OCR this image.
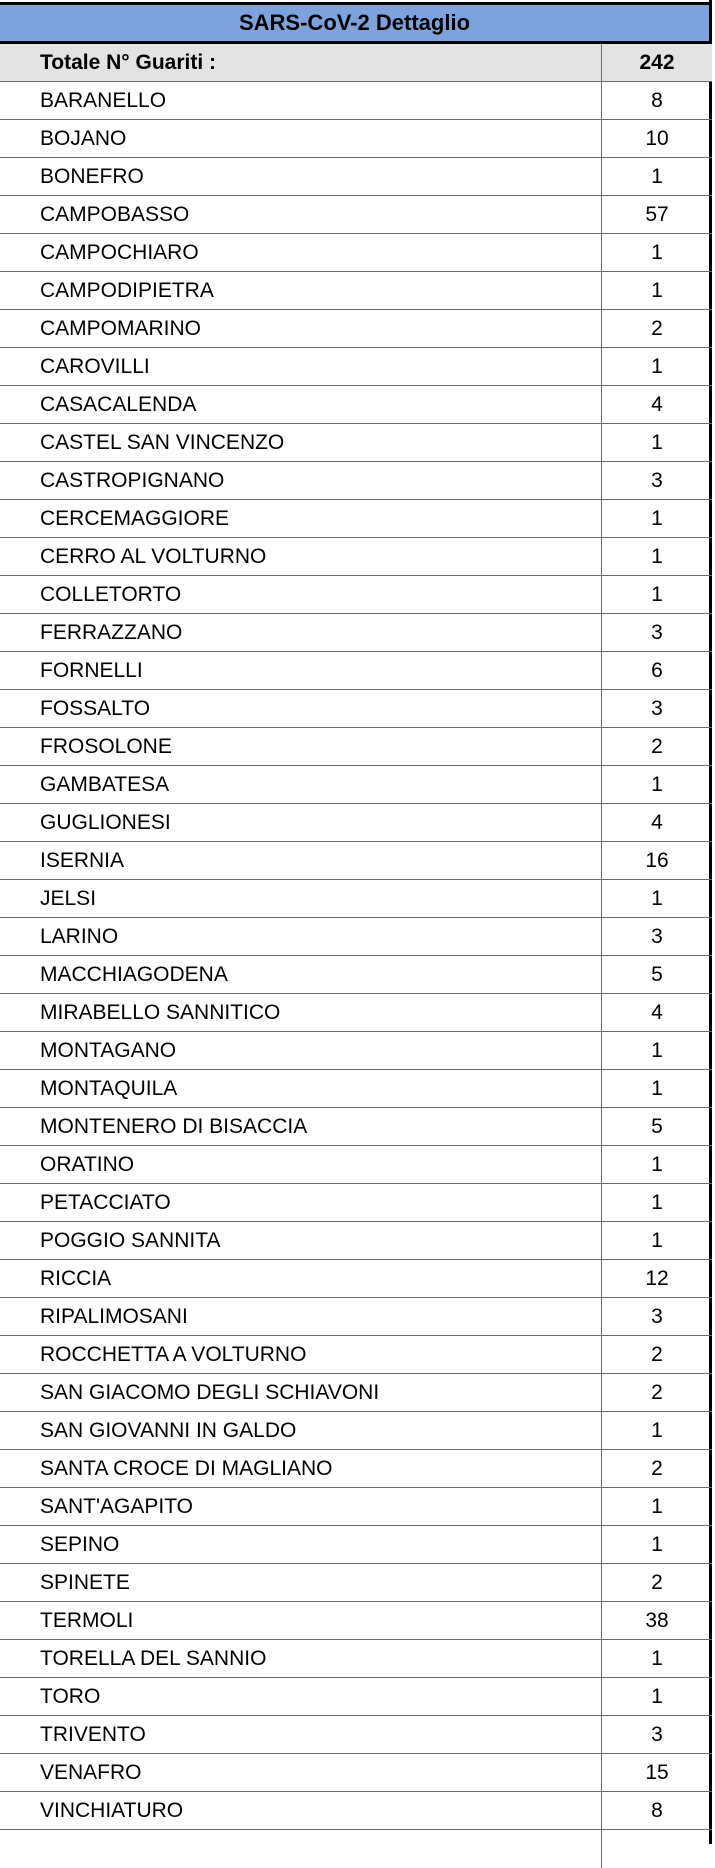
SARS-CoV-2 Dettaglio
Totale N° Guariti :	242
BARANELLO	8
BOJANO	10
BONEFRO	1
CAMPOBASSO	57
CAMPOCHIARO	1
CAMPODIPIETRA	1
CAMPOMARINO	2
CAROVILLI	1
CASACALENDA	4
CASTEL SAN VINCENZO	1
CASTROPIGNANO	3
CERCEMAGGIORE	1
CERRO AL VOLTURNO	1
COLLETORTO	1
FERRAZZANO	3
FORNELLI	6
FOSSALTO	3
FROSOLONE	2
GAMBATESA	1
GUGLIONESI	4
ISERNIA	16
JELSI	1
LARINO	3
MACCHIAGODENA	5
MIRABELLO SANNITICO	4
MONTAGANO	1
MONTAQUILA	1
MONTENERO DI BISACCIA	5
ORATINO	1
PETACCIATO	1
POGGIO SANNITA	1
RICCIA	12
RIPALIMOSANI	3
ROCCHETTA A VOLTURNO	2
SAN GIACOMO DEGLI SCHIAVONI	2
SAN GIOVANNI IN GALDO	1
SANTA CROCE DI MAGLIANO	2
SANT'AGAPITO	1
SEPINO	1
SPINETE	2
TERMOLI	38
TORELLA DEL SANNIO	1
TORO	1
TRIVENTO	3
VENAFRO	15
VINCHIATURO	8
